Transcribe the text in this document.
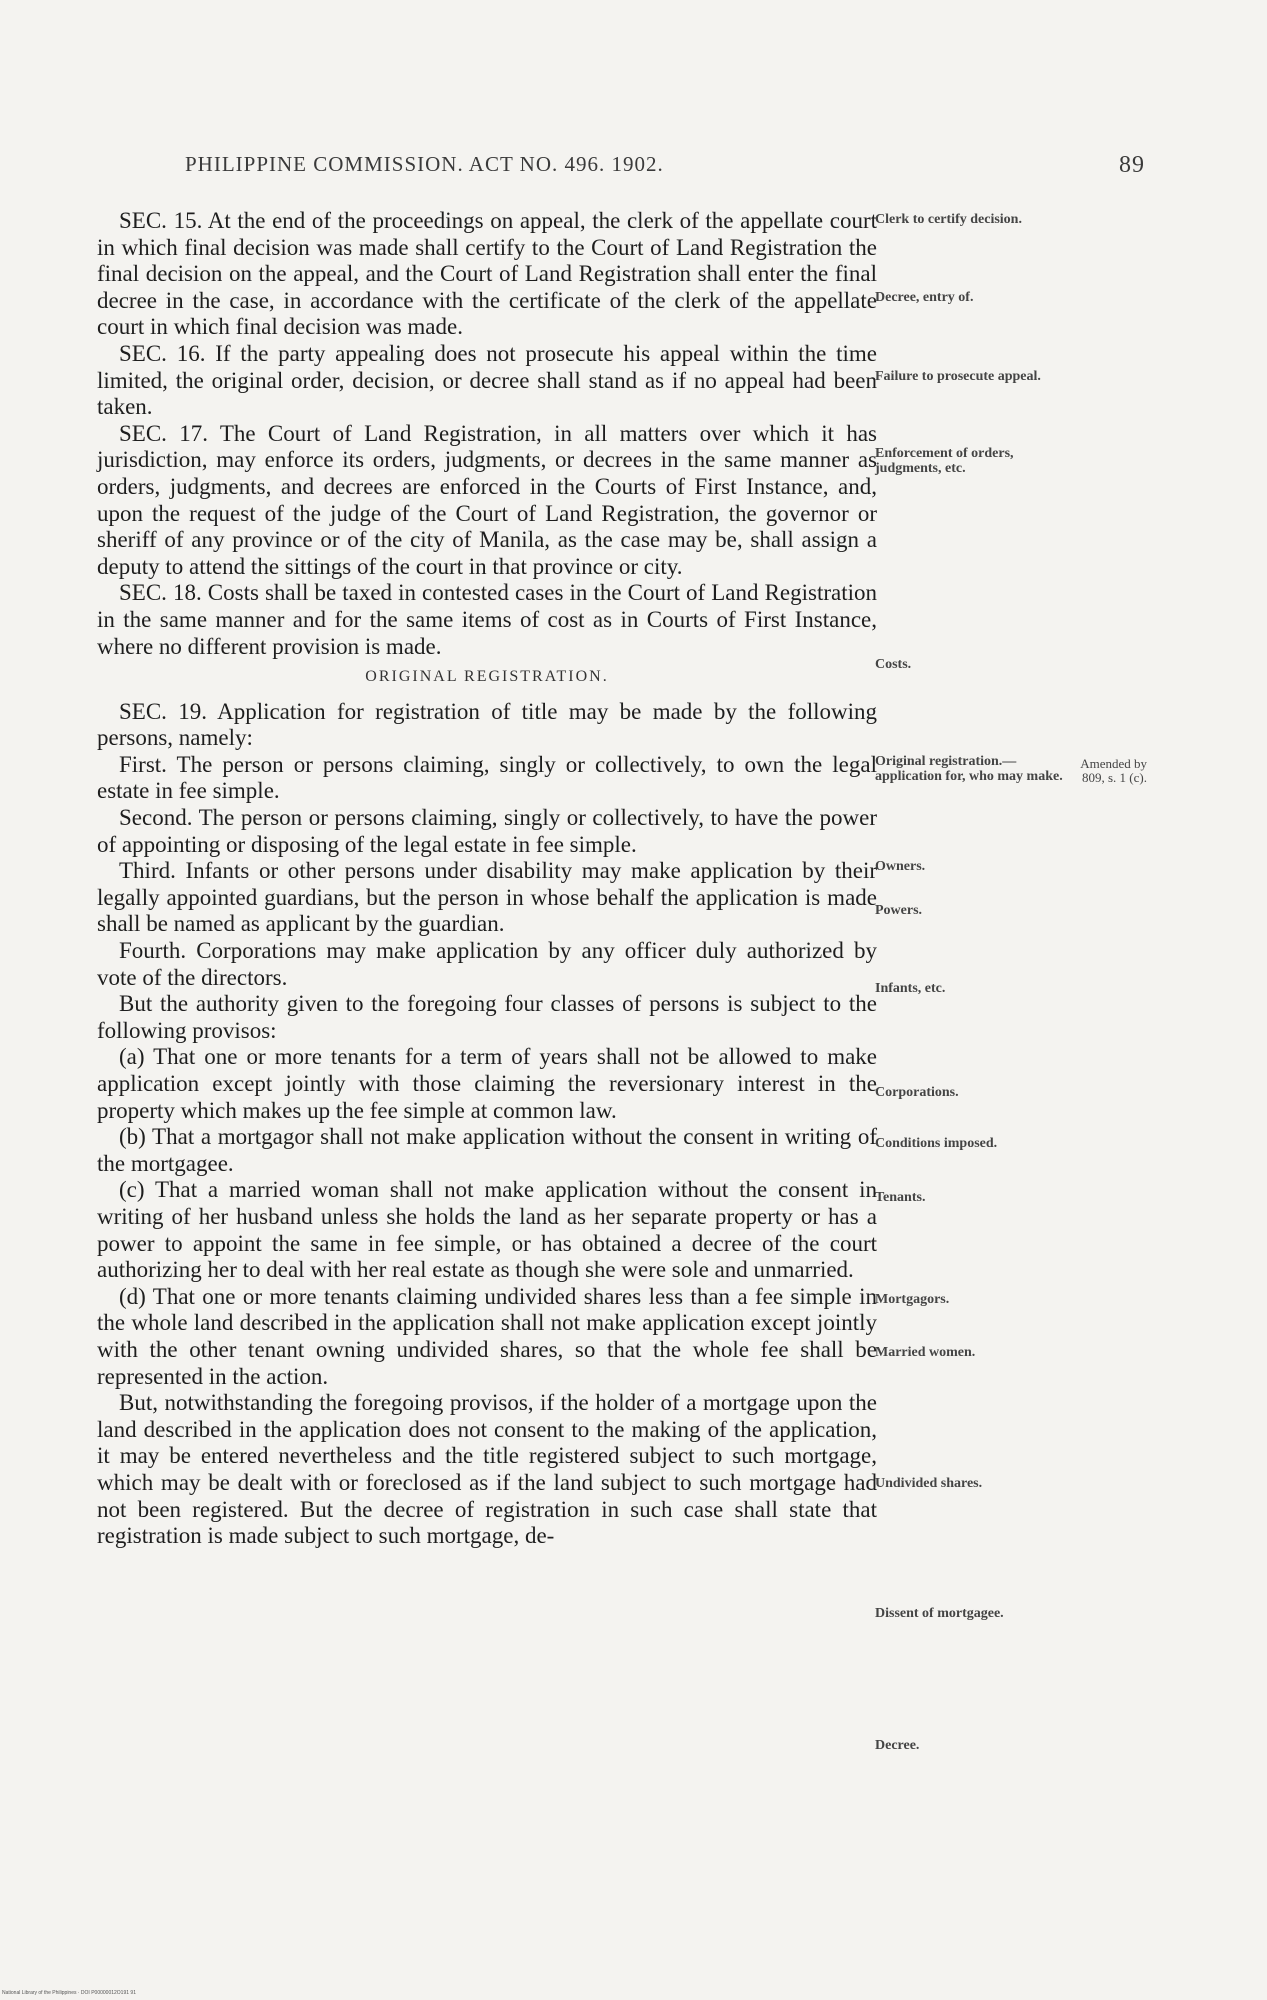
PHILIPPINE COMMISSION. ACT NO. 496. 1902.	89

SEC. 15. At the end of the proceedings on appeal, the clerk of the appellate court in which final decision was made shall certify to the Court of Land Registration the final decision on the appeal, and the Court of Land Registration shall enter the final decree in the case, in accordance with the certificate of the clerk of the appellate court in which final decision was made.

SEC. 16. If the party appealing does not prosecute his appeal within the time limited, the original order, decision, or decree shall stand as if no appeal had been taken.

SEC. 17. The Court of Land Registration, in all matters over which it has jurisdiction, may enforce its orders, judgments, or decrees in the same manner as orders, judgments, and decrees are enforced in the Courts of First Instance, and, upon the request of the judge of the Court of Land Registration, the governor or sheriff of any province or of the city of Manila, as the case may be, shall assign a deputy to attend the sittings of the court in that province or city.

SEC. 18. Costs shall be taxed in contested cases in the Court of Land Registration in the same manner and for the same items of cost as in Courts of First Instance, where no different provision is made.

ORIGINAL REGISTRATION.

SEC. 19. Application for registration of title may be made by the following persons, namely:

First. The person or persons claiming, singly or collectively, to own the legal estate in fee simple.

Second. The person or persons claiming, singly or collectively, to have the power of appointing or disposing of the legal estate in fee simple.

Third. Infants or other persons under disability may make application by their legally appointed guardians, but the person in whose behalf the application is made shall be named as applicant by the guardian.

Fourth. Corporations may make application by any officer duly authorized by vote of the directors.

But the authority given to the foregoing four classes of persons is subject to the following provisos:

(a) That one or more tenants for a term of years shall not be allowed to make application except jointly with those claiming the reversionary interest in the property which makes up the fee simple at common law.

(b) That a mortgagor shall not make application without the consent in writing of the mortgagee.

(c) That a married woman shall not make application without the consent in writing of her husband unless she holds the land as her separate property or has a power to appoint the same in fee simple, or has obtained a decree of the court authorizing her to deal with her real estate as though she were sole and unmarried.

(d) That one or more tenants claiming undivided shares less than a fee simple in the whole land described in the application shall not make application except jointly with the other tenant owning undivided shares, so that the whole fee shall be represented in the action.

But, notwithstanding the foregoing provisos, if the holder of a mortgage upon the land described in the application does not consent to the making of the application, it may be entered nevertheless and the title registered subject to such mortgage, which may be dealt with or foreclosed as if the land subject to such mortgage had not been registered. But the decree of registration in such case shall state that registration is made subject to such mortgage, de-

Clerk to certify decision.
Decree, entry of.
Failure to prosecute appeal.
Enforcement of orders, judgments, etc.
Costs.
Original registration.—application for, who may make.
Owners.
Powers.
Infants, etc.
Corporations.
Conditions imposed.
Tenants.
Mortgagors.
Married women.
Undivided shares.
Dissent of mortgagee.
Decree.
Amended by 809, s. 1 (c).
National Library of the Philippines · DOI P00000012O191 91
